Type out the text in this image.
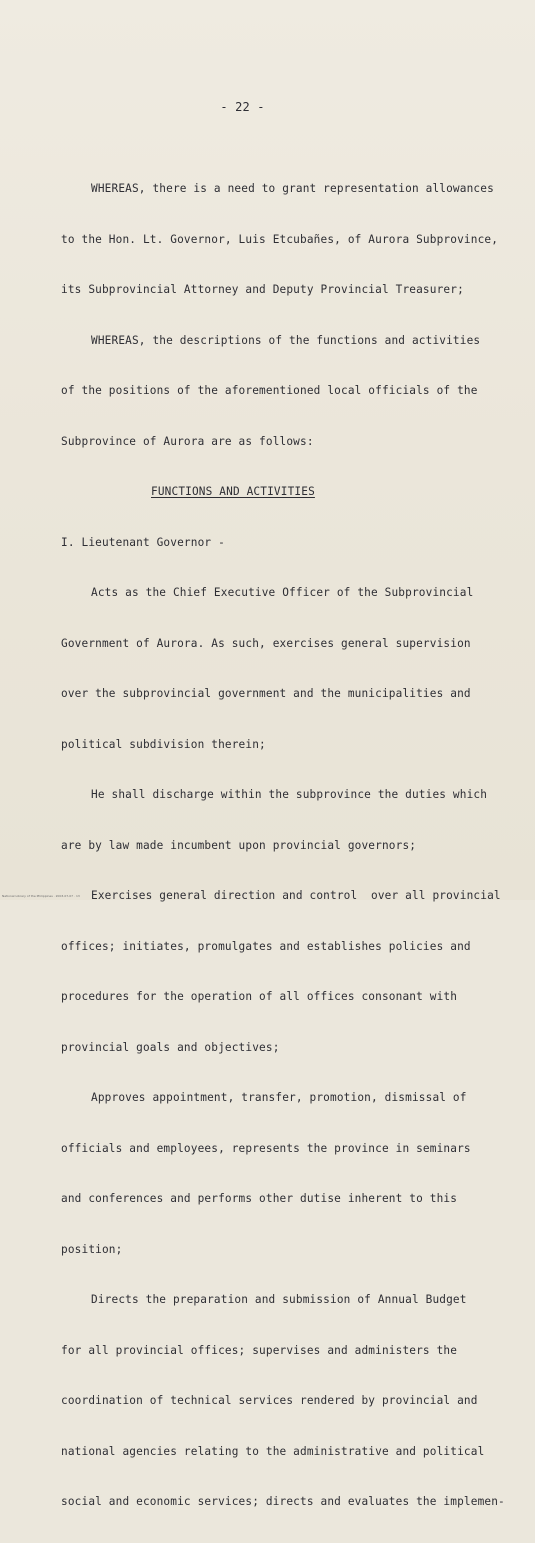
- 22 -

WHEREAS, there is a need to grant representation allowances

to the Hon. Lt. Governor, Luis Etcubañes, of Aurora Subprovince,

its Subprovincial Attorney and Deputy Provincial Treasurer;

WHEREAS, the descriptions of the functions and activities

of the positions of the aforementioned local officials of the

Subprovince of Aurora are as follows:

FUNCTIONS AND ACTIVITIES

I. Lieutenant Governor -

Acts as the Chief Executive Officer of the Subprovincial

Government of Aurora. As such, exercises general supervision

over the subprovincial government and the municipalities and

political subdivision therein;

He shall discharge within the subprovince the duties which

are by law made incumbent upon provincial governors;

Exercises general direction and control  over all provincial

offices; initiates, promulgates and establishes policies and

procedures for the operation of all offices consonant with

provincial goals and objectives;

Approves appointment, transfer, promotion, dismissal of

officials and employees, represents the province in seminars

and conferences and performs other dutise inherent to this

position;

Directs the preparation and submission of Annual Budget

for all provincial offices; supervises and administers the

coordination of technical services rendered by provincial and

national agencies relating to the administrative and political

social and economic services; directs and evaluates the implemen-

National Library of the Philippines · 2003-07-07 · 13
